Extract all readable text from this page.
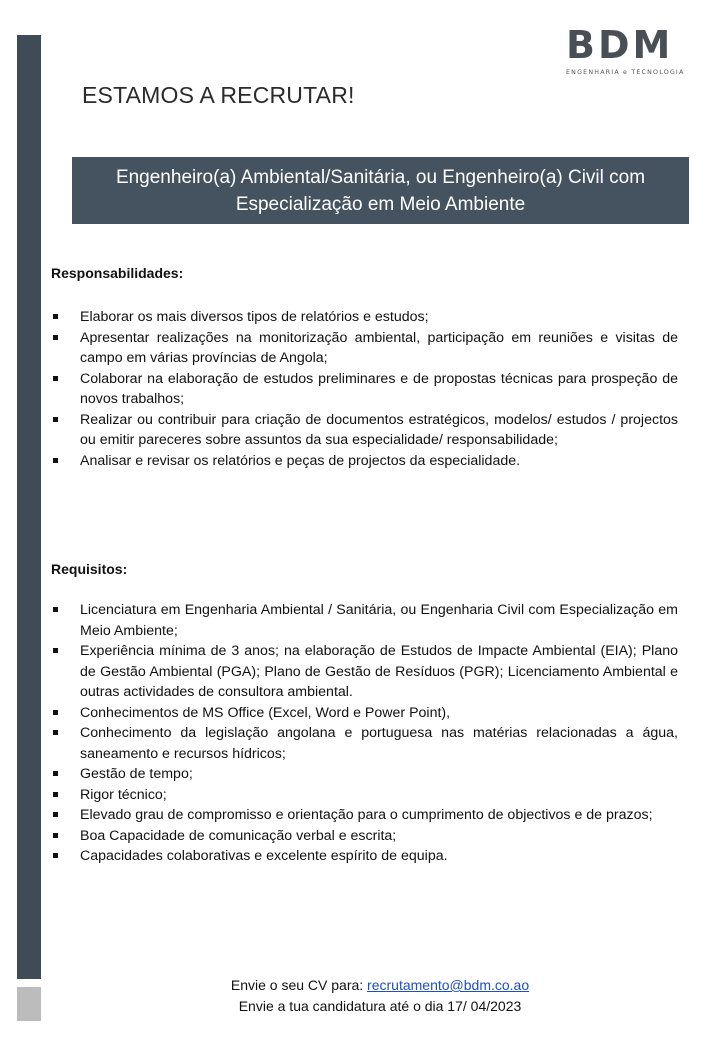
BDM
ENGENHARIA e TECNOLOGIA
ESTAMOS A RECRUTAR!
Engenheiro(a) Ambiental/Sanitária, ou Engenheiro(a) Civil com
Especialização em Meio Ambiente
Responsabilidades:
Elaborar os mais diversos tipos de relatórios e estudos;
Apresentar realizações na monitorização ambiental, participação em reuniões e visitas de campo em várias províncias de Angola;
Colaborar na elaboração de estudos preliminares e de propostas técnicas para prospeção de novos trabalhos;
Realizar ou contribuir para criação de documentos estratégicos, modelos/ estudos / projectos ou emitir pareceres sobre assuntos da sua especialidade/ responsabilidade;
Analisar e revisar os relatórios e peças de projectos da especialidade.
Requisitos:
Licenciatura em Engenharia Ambiental / Sanitária, ou Engenharia Civil com Especialização em Meio Ambiente;
Experiência mínima de 3 anos; na elaboração de Estudos de Impacte Ambiental (EIA); Plano de Gestão Ambiental (PGA); Plano de Gestão de Resíduos (PGR); Licenciamento Ambiental e outras actividades de consultora ambiental.
Conhecimentos de MS Office (Excel, Word e Power Point),
Conhecimento da legislação angolana e portuguesa nas matérias relacionadas a água, saneamento e recursos hídricos;
Gestão de tempo;
Rigor técnico;
Elevado grau de compromisso e orientação para o cumprimento de objectivos e de prazos;
Boa Capacidade de comunicação verbal e escrita;
Capacidades colaborativas e excelente espírito de equipa.
Envie o seu CV para: recrutamento@bdm.co.ao
Envie a tua candidatura até o dia 17/ 04/2023
